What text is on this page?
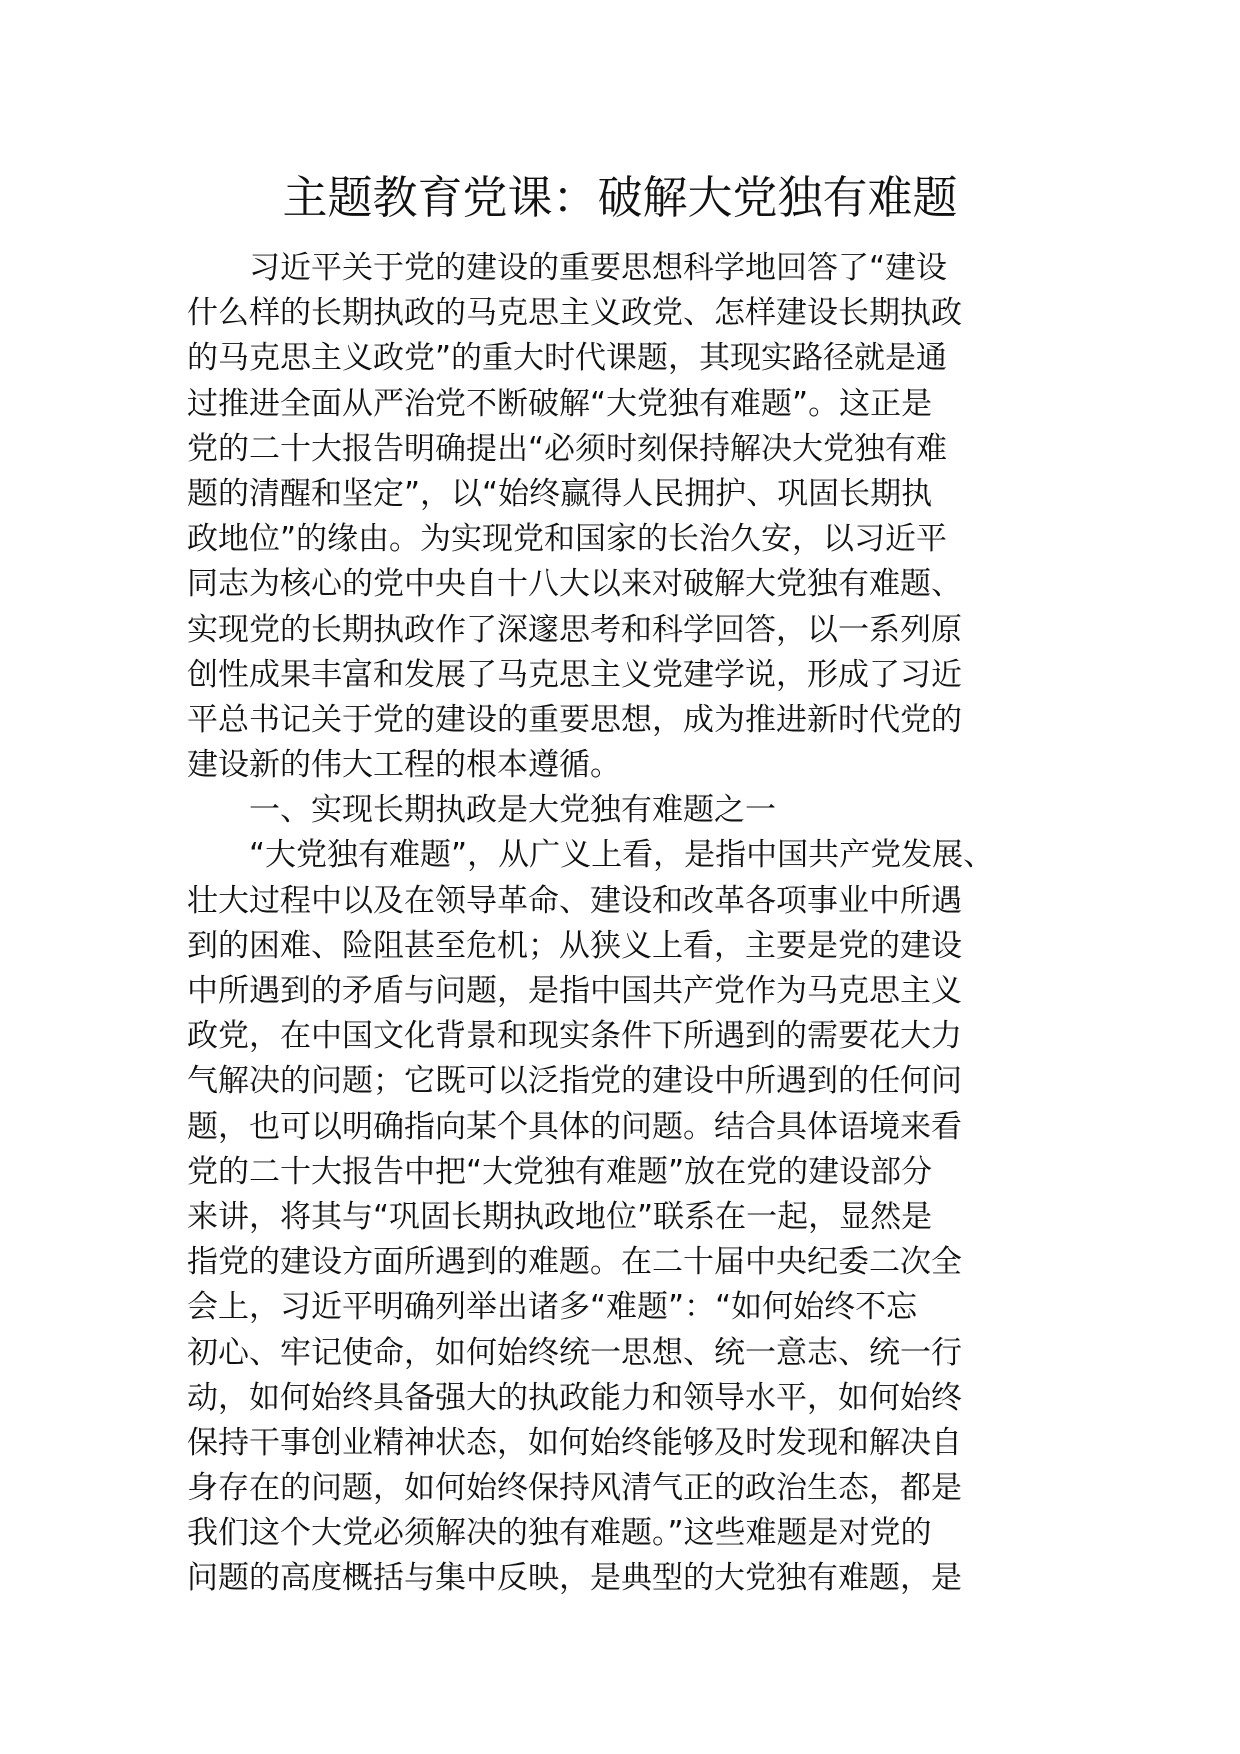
主题教育党课：破解大党独有难题
习近平关于党的建设的重要思想科学地回答了“建设
什么样的长期执政的马克思主义政党、怎样建设长期执政
的马克思主义政党”的重大时代课题，其现实路径就是通
过推进全面从严治党不断破解“大党独有难题”。这正是
党的二十大报告明确提出“必须时刻保持解决大党独有难
题的清醒和坚定”，以“始终赢得人民拥护、巩固长期执
政地位”的缘由。为实现党和国家的长治久安，以习近平
同志为核心的党中央自十八大以来对破解大党独有难题、
实现党的长期执政作了深邃思考和科学回答，以一系列原
创性成果丰富和发展了马克思主义党建学说，形成了习近
平总书记关于党的建设的重要思想，成为推进新时代党的
建设新的伟大工程的根本遵循。
一、实现长期执政是大党独有难题之一
“大党独有难题”，从广义上看，是指中国共产党发展、
壮大过程中以及在领导革命、建设和改革各项事业中所遇
到的困难、险阻甚至危机；从狭义上看，主要是党的建设
中所遇到的矛盾与问题，是指中国共产党作为马克思主义
政党，在中国文化背景和现实条件下所遇到的需要花大力
气解决的问题；它既可以泛指党的建设中所遇到的任何问
题，也可以明确指向某个具体的问题。结合具体语境来看
党的二十大报告中把“大党独有难题”放在党的建设部分
来讲，将其与“巩固长期执政地位”联系在一起，显然是
指党的建设方面所遇到的难题。在二十届中央纪委二次全
会上，习近平明确列举出诸多“难题”：“如何始终不忘
初心、牢记使命，如何始终统一思想、统一意志、统一行
动，如何始终具备强大的执政能力和领导水平，如何始终
保持干事创业精神状态，如何始终能够及时发现和解决自
身存在的问题，如何始终保持风清气正的政治生态，都是
我们这个大党必须解决的独有难题。”这些难题是对党的
问题的高度概括与集中反映，是典型的大党独有难题，是
